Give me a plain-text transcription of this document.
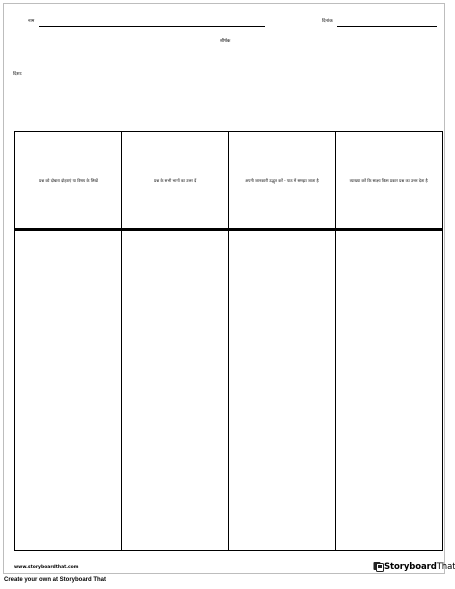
नाम	दिनांक
शीर्षक
दिशा:
प्रश्न को दोबारा दोहराएं या विषय के लिखें	प्रश्न के सभी भागों का उत्तर दें	अपनी जानकारी उद्धृत करें - पाठ में समझा जाता है	व्याख्या करें कि साक्ष्य किस प्रकार प्रश्न का उत्तर देता है
www.storyboardthat.com	StoryboardThat
Create your own at Storyboard That
